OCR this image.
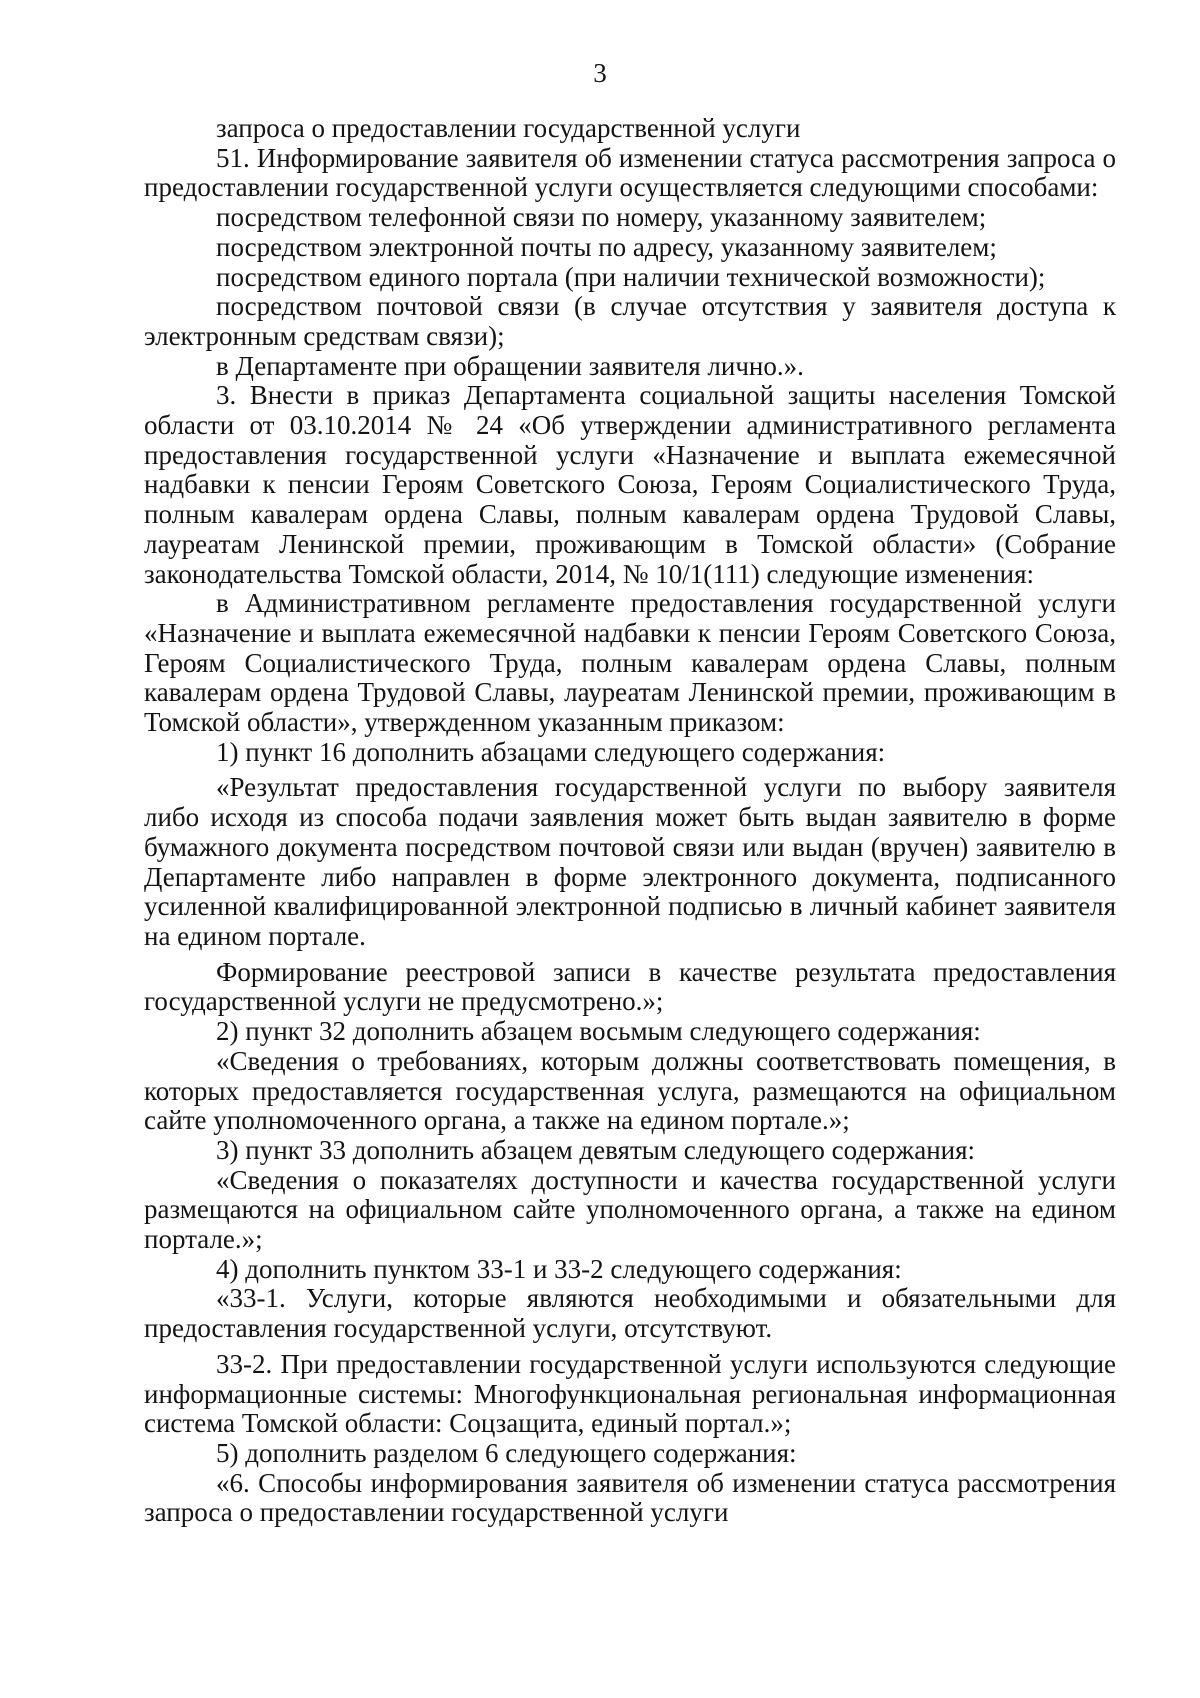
3

запроса о предоставлении государственной услуги

51. Информирование заявителя об изменении статуса рассмотрения запроса о предоставлении государственной услуги осуществляется следующими способами:

посредством телефонной связи по номеру, указанному заявителем;

посредством электронной почты по адресу, указанному заявителем;

посредством единого портала (при наличии технической возможности);

посредством почтовой связи (в случае отсутствия у заявителя доступа к электронным средствам связи);

в Департаменте при обращении заявителя лично.».

3. Внести в приказ Департамента социальной защиты населения Томской области от 03.10.2014 № 24 «Об утверждении административного регламента предоставления государственной услуги «Назначение и выплата ежемесячной надбавки к пенсии Героям Советского Союза, Героям Социалистического Труда, полным кавалерам ордена Славы, полным кавалерам ордена Трудовой Славы, лауреатам Ленинской премии, проживающим в Томской области» (Собрание законодательства Томской области, 2014, № 10/1(111) следующие изменения:

в Административном регламенте предоставления государственной услуги «Назначение и выплата ежемесячной надбавки к пенсии Героям Советского Союза, Героям Социалистического Труда, полным кавалерам ордена Славы, полным кавалерам ордена Трудовой Славы, лауреатам Ленинской премии, проживающим в Томской области», утвержденном указанным приказом:

1) пункт 16 дополнить абзацами следующего содержания:

«Результат предоставления государственной услуги по выбору заявителя либо исходя из способа подачи заявления может быть выдан заявителю в форме бумажного документа посредством почтовой связи или выдан (вручен) заявителю в Департаменте либо направлен в форме электронного документа, подписанного усиленной квалифицированной электронной подписью в личный кабинет заявителя на едином портале.

Формирование реестровой записи в качестве результата предоставления государственной услуги не предусмотрено.»;

2) пункт 32 дополнить абзацем восьмым следующего содержания:

«Сведения о требованиях, которым должны соответствовать помещения, в которых предоставляется государственная услуга, размещаются на официальном сайте уполномоченного органа, а также на едином портале.»;

3) пункт 33 дополнить абзацем девятым следующего содержания:

«Сведения о показателях доступности и качества государственной услуги размещаются на официальном сайте уполномоченного органа, а также на едином портале.»;

4) дополнить пунктом 33-1 и 33-2 следующего содержания:

«33-1. Услуги, которые являются необходимыми и обязательными для предоставления государственной услуги, отсутствуют.

33-2. При предоставлении государственной услуги используются следующие информационные системы: Многофункциональная региональная информационная система Томской области: Соцзащита, единый портал.»;

5) дополнить разделом 6 следующего содержания:

«6. Способы информирования заявителя об изменении статуса рассмотрения запроса о предоставлении государственной услуги
